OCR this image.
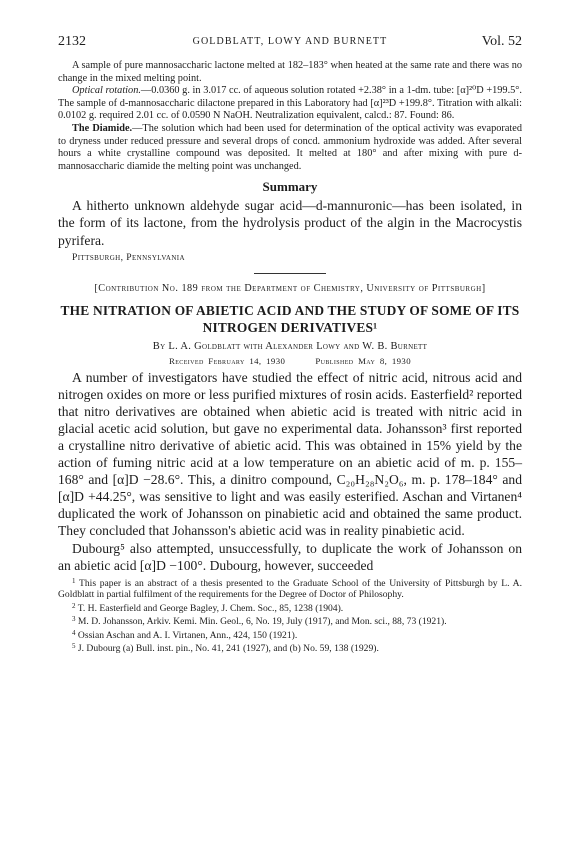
2132	GOLDBLATT, LOWY AND BURNETT	Vol. 52

A sample of pure mannosaccharic lactone melted at 182–183° when heated at the same rate and there was no change in the mixed melting point.

Optical rotation.—0.0360 g. in 3.017 cc. of aqueous solution rotated +2.38° in a 1-dm. tube: [α]²⁰D +199.5°. The sample of d-mannosaccharic dilactone prepared in this Laboratory had [α]²³D +199.8°. Titration with alkali: 0.0102 g. required 2.01 cc. of 0.0590 N NaOH. Neutralization equivalent, calcd.: 87. Found: 86.

The Diamide.—The solution which had been used for determination of the optical activity was evaporated to dryness under reduced pressure and several drops of concd. ammonium hydroxide was added. After several hours a white crystalline compound was deposited. It melted at 180° and after mixing with pure d-mannosaccharic diamide the melting point was unchanged.

Summary

A hitherto unknown aldehyde sugar acid—d-mannuronic—has been isolated, in the form of its lactone, from the hydrolysis product of the algin in the Macrocystis pyrifera.

Pittsburgh, Pennsylvania
[Contribution No. 189 from the Department of Chemistry, University of Pittsburgh]
THE NITRATION OF ABIETIC ACID AND THE STUDY OF SOME OF ITS NITROGEN DERIVATIVES¹
By L. A. Goldblatt with Alexander Lowy and W. B. Burnett
Received February 14, 1930	Published May 8, 1930

A number of investigators have studied the effect of nitric acid, nitrous acid and nitrogen oxides on more or less purified mixtures of rosin acids. Easterfield² reported that nitro derivatives are obtained when abietic acid is treated with nitric acid in glacial acetic acid solution, but gave no experimental data. Johansson³ first reported a crystalline nitro derivative of abietic acid. This was obtained in 15% yield by the action of fuming nitric acid at a low temperature on an abietic acid of m. p. 155–168° and [α]D −28.6°. This, a dinitro compound, C₂₀H₂₈N₂O₆, m. p. 178–184° and [α]D +44.25°, was sensitive to light and was easily esterified. Aschan and Virtanen⁴ duplicated the work of Johansson on pinabietic acid and obtained the same product. They concluded that Johansson's abietic acid was in reality pinabietic acid.

Dubourg⁵ also attempted, unsuccessfully, to duplicate the work of Johansson on an abietic acid [α]D −100°. Dubourg, however, succeeded

$^1$ This paper is an abstract of a thesis presented to the Graduate School of the University of Pittsburgh by L. A. Goldblatt in partial fulfilment of the requirements for the Degree of Doctor of Philosophy.

$^2$ T. H. Easterfield and George Bagley, J. Chem. Soc., 85, 1238 (1904).

$^3$ M. D. Johansson, Arkiv. Kemi. Min. Geol., 6, No. 19, July (1917), and Mon. sci., 88, 73 (1921).

$^4$ Ossian Aschan and A. I. Virtanen, Ann., 424, 150 (1921).

$^5$ J. Dubourg (a) Bull. inst. pin., No. 41, 241 (1927), and (b) No. 59, 138 (1929).
